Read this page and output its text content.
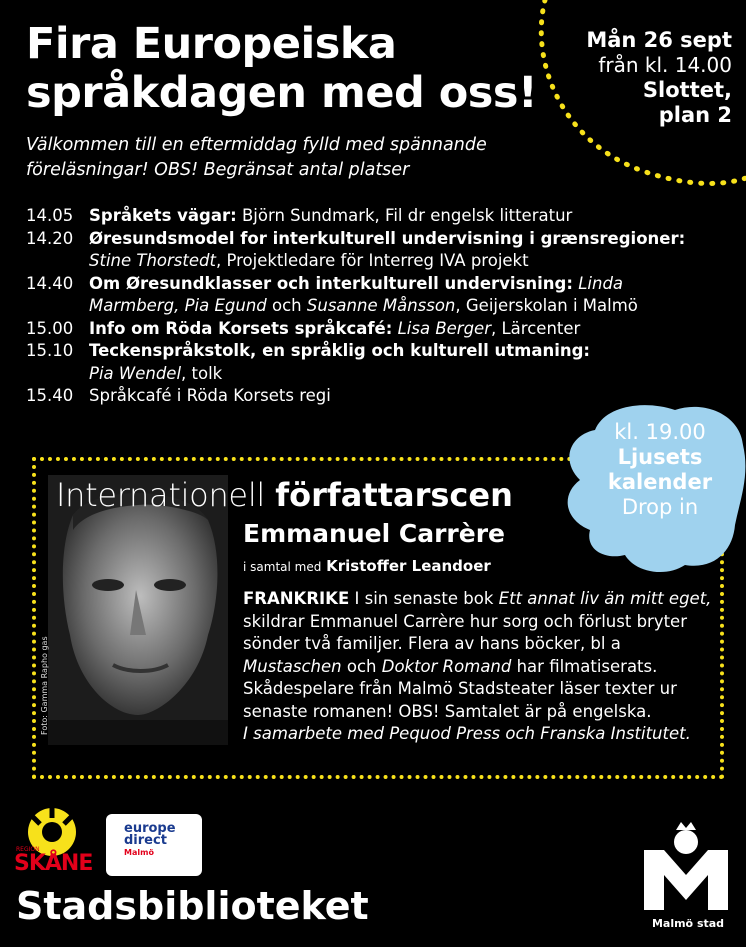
Fira Europeiska
språkdagen med oss!
Mån 26 sept
från kl. 14.00
Slottet,
plan 2
Välkommen till en eftermiddag fylld med spännande
föreläsningar! OBS! Begränsat antal platser
14.05 Språkets vägar: Björn Sundmark, Fil dr engelsk litteratur
14.20 Øresundsmodel for interkulturell undervisning i grænsregioner:
Stine Thorstedt, Projektledare för Interreg IVA projekt
14.40 Om Øresundklasser och interkulturell undervisning: Linda Marmberg, Pia Egund och Susanne Månsson, Geijerskolan i Malmö
15.00 Info om Röda Korsets språkcafé: Lisa Berger, Lärcenter
15.10 Teckenspråkstolk, en språklig och kulturell utmaning:
Pia Wendel, tolk
15.40 Språkcafé i Röda Korsets regi
kl. 19.00
Ljusets
kalender
Drop in
Foto: Gamma Rapho gas
Internationell författarscen
Emmanuel Carrère
i samtal med Kristoffer Leandoer
FRANKRIKE I sin senaste bok Ett annat liv än mitt eget, skildrar Emmanuel Carrère hur sorg och förlust bryter sönder två familjer. Flera av hans böcker, bl a Mustaschen och Doktor Romand har filmatiserats. Skådespelare från Malmö Stadsteater läser texter ur senaste romanen! OBS! Samtalet är på engelska.
I samarbete med Pequod Press och Franska Institutet.
REGION
SKÅNE
europe
direct
Malmö
Stadsbiblioteket	Malmö stad
